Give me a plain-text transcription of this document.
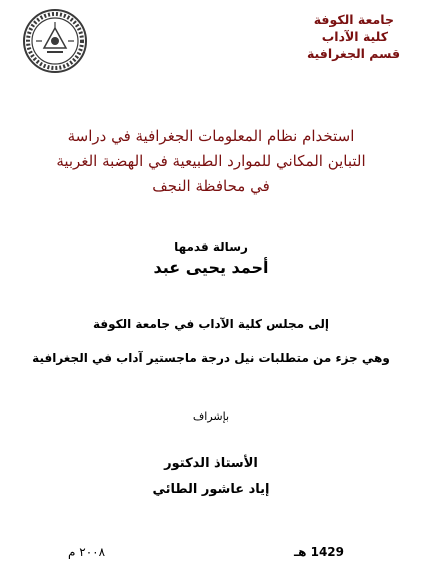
جامعة الكوفة
كلية الآداب
قسم الجغرافية
استخدام نظام المعلومات الجغرافية في دراسة
التباين المكاني للموارد الطبيعية في الهضبة الغربية
في محافظة النجف
رسالة قدمها
أحمد يحيى عبد
إلى مجلس كلية الآداب في جامعة الكوفة
وهي جزء من متطلبات نيل درجة ماجستير آداب في الجغرافية
بإشراف
الأستاذ الدكتور
إياد عاشور الطائي
1429 هـ
٢٠٠٨ م
